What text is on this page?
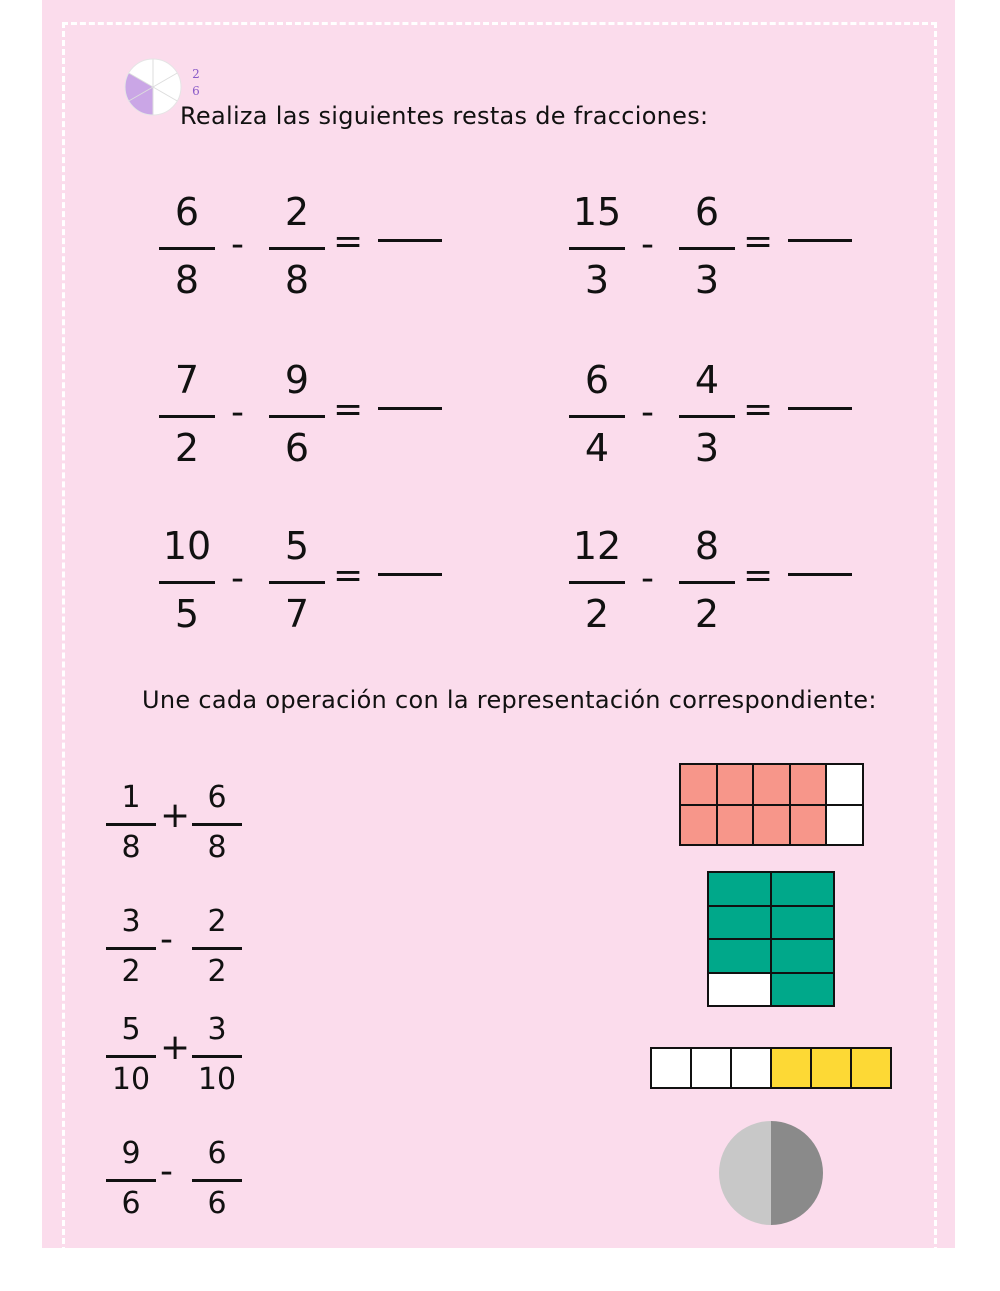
2
6
Realiza las siguientes restas de fracciones:
6
8
-
2
8
=
15
3
-
6
3
=
7
2
-
9
6
=
6
4
-
4
3
=
10
5
-
5
7
=
12
2
-
8
2
=
Une cada operación con la representación correspondiente:
1
8
+ 6
8
3
2
-	2
2
5
10
+ 3
10
9
6
-	6
6
